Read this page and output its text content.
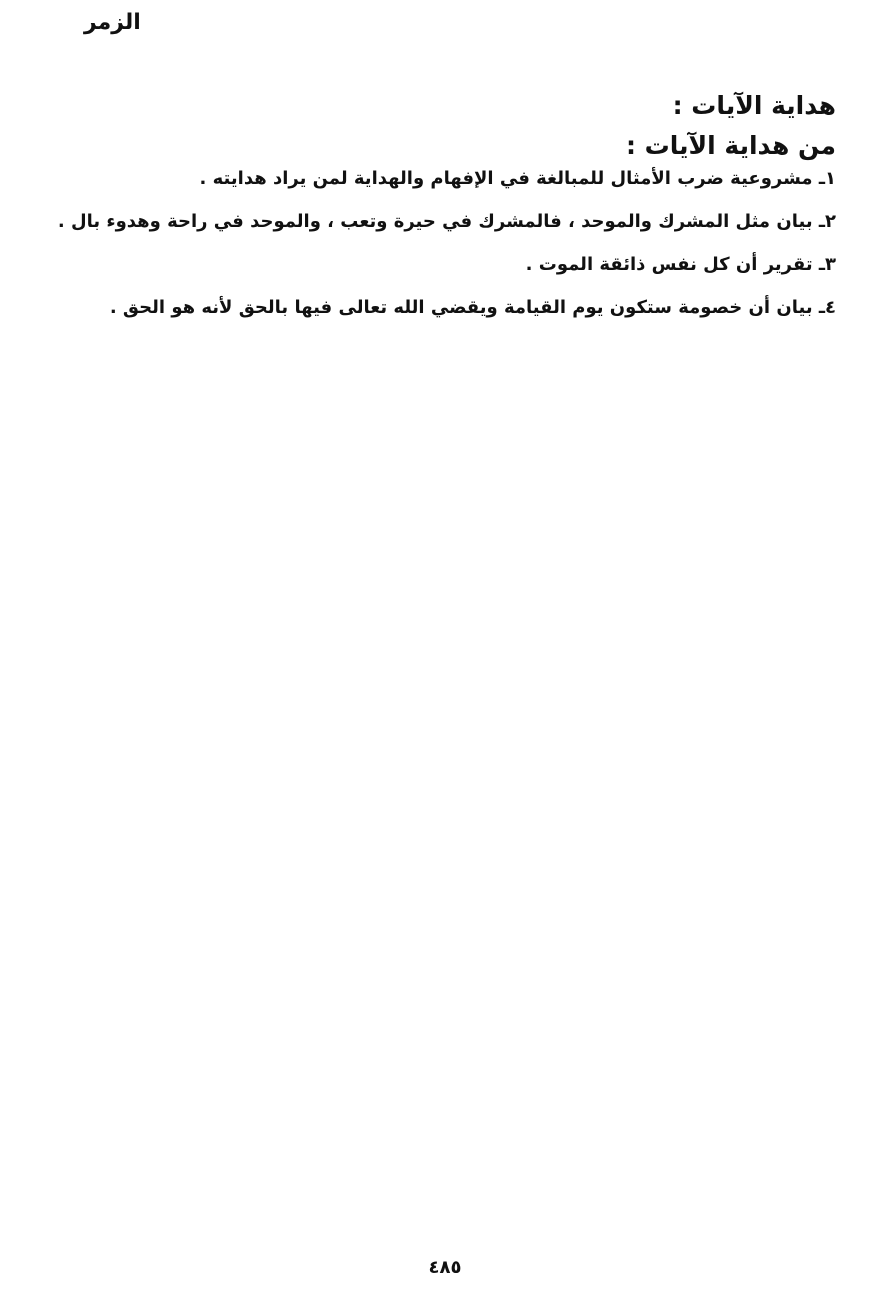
الزمر
هداية الآيات :
من هداية الآيات :
١ـ مشروعية ضرب الأمثال للمبالغة في الإفهام والهداية لمن يراد هدايته .
٢ـ بيان مثل المشرك والموحد ، فالمشرك في حيرة وتعب ، والموحد في راحة وهدوء بال .
٣ـ تقرير أن كل نفس ذائقة الموت .
٤ـ بيان أن خصومة ستكون يوم القيامة ويقضي الله تعالى فيها بالحق لأنه هو الحق .
٤٨٥
